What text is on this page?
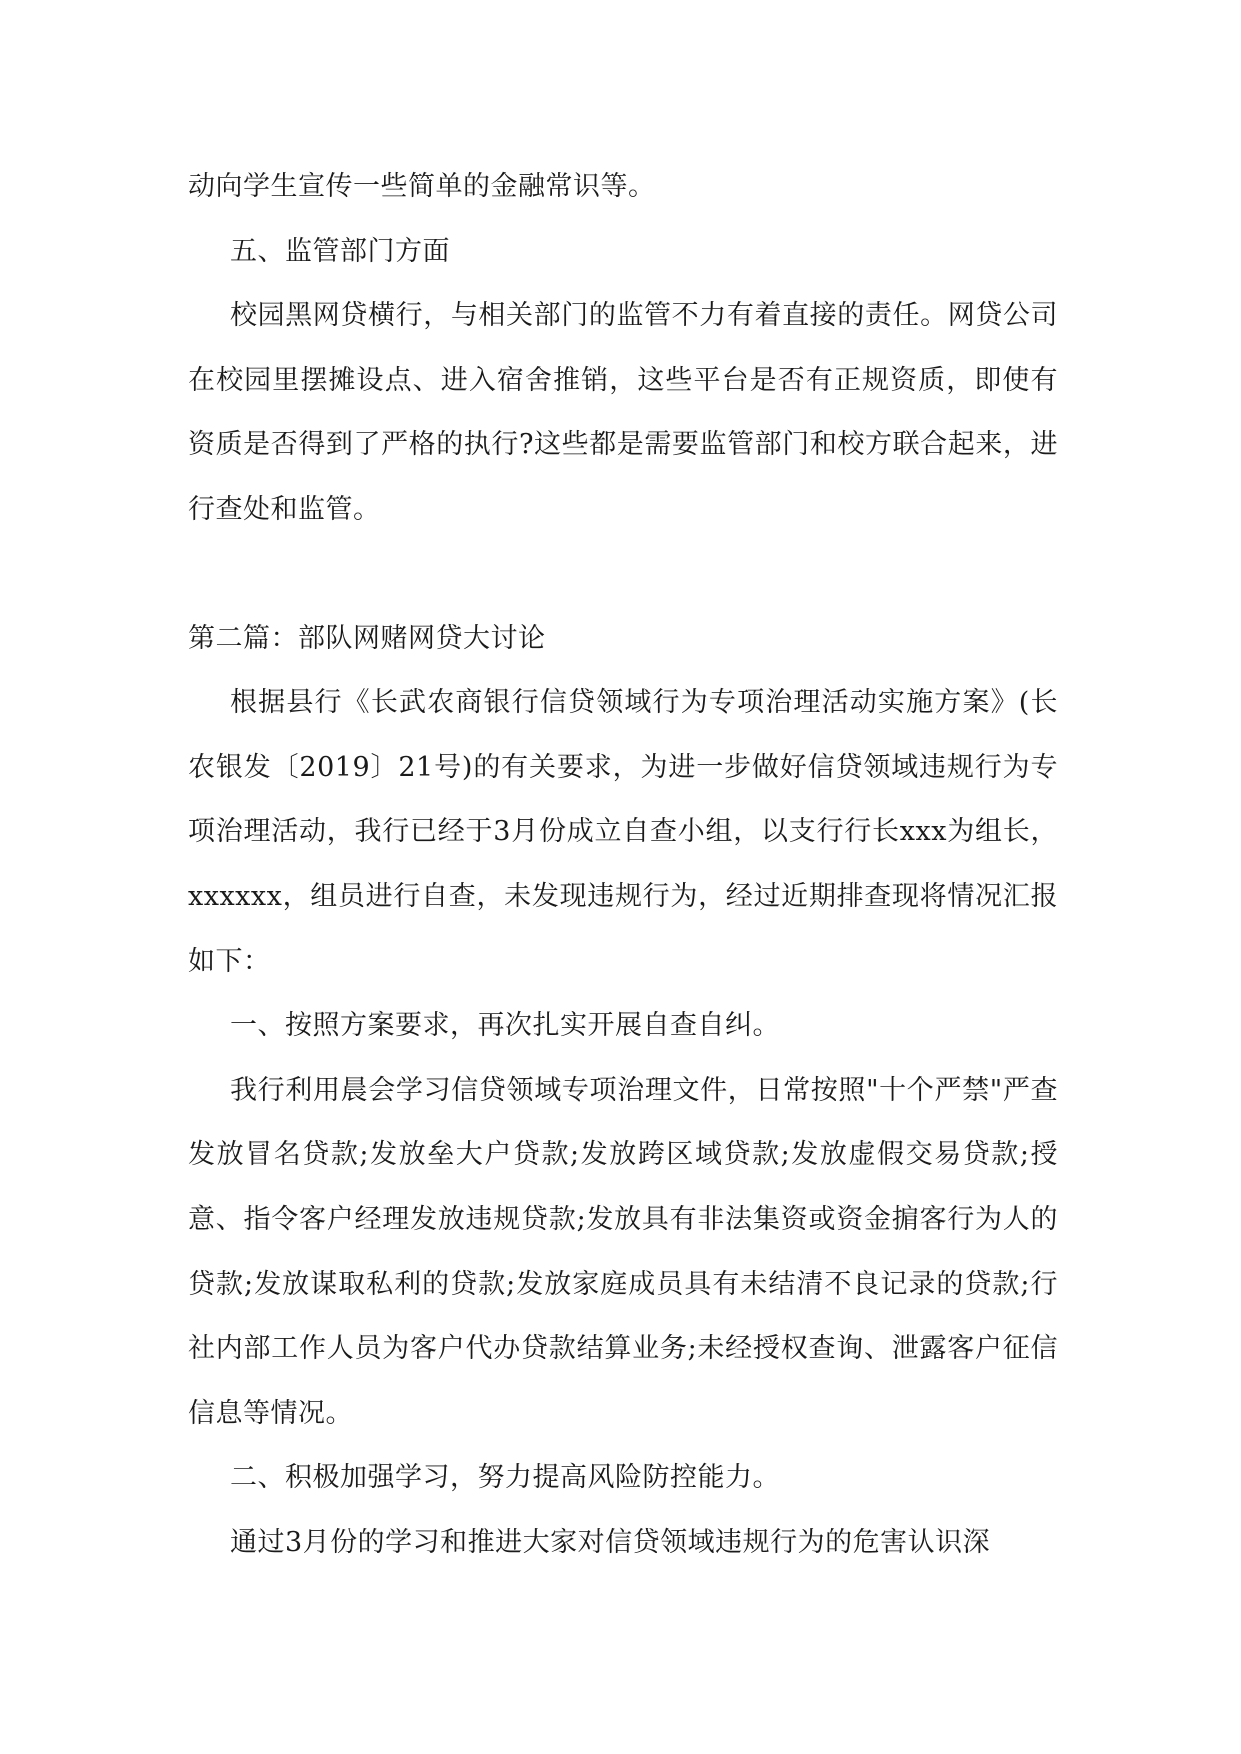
动向学生宣传一些简单的金融常识等。

五、监管部门方面

校园黑网贷横行，与相关部门的监管不力有着直接的责任。网贷公司在校园里摆摊设点、进入宿舍推销，这些平台是否有正规资质，即使有资质是否得到了严格的执行?这些都是需要监管部门和校方联合起来，进行查处和监管。

第二篇：部队网赌网贷大讨论

根据县行《长武农商银行信贷领域行为专项治理活动实施方案》(长农银发〔2019〕21号)的有关要求，为进一步做好信贷领域违规行为专项治理活动，我行已经于3月份成立自查小组，以支行行长xxx为组长，xxxxxx，组员进行自查，未发现违规行为，经过近期排查现将情况汇报如下：

一、按照方案要求，再次扎实开展自查自纠。

我行利用晨会学习信贷领域专项治理文件，日常按照"十个严禁"严查发放冒名贷款;发放垒大户贷款;发放跨区域贷款;发放虚假交易贷款;授意、指令客户经理发放违规贷款;发放具有非法集资或资金掮客行为人的贷款;发放谋取私利的贷款;发放家庭成员具有未结清不良记录的贷款;行社内部工作人员为客户代办贷款结算业务;未经授权查询、泄露客户征信信息等情况。

二、积极加强学习，努力提高风险防控能力。

通过3月份的学习和推进大家对信贷领域违规行为的危害认识深
